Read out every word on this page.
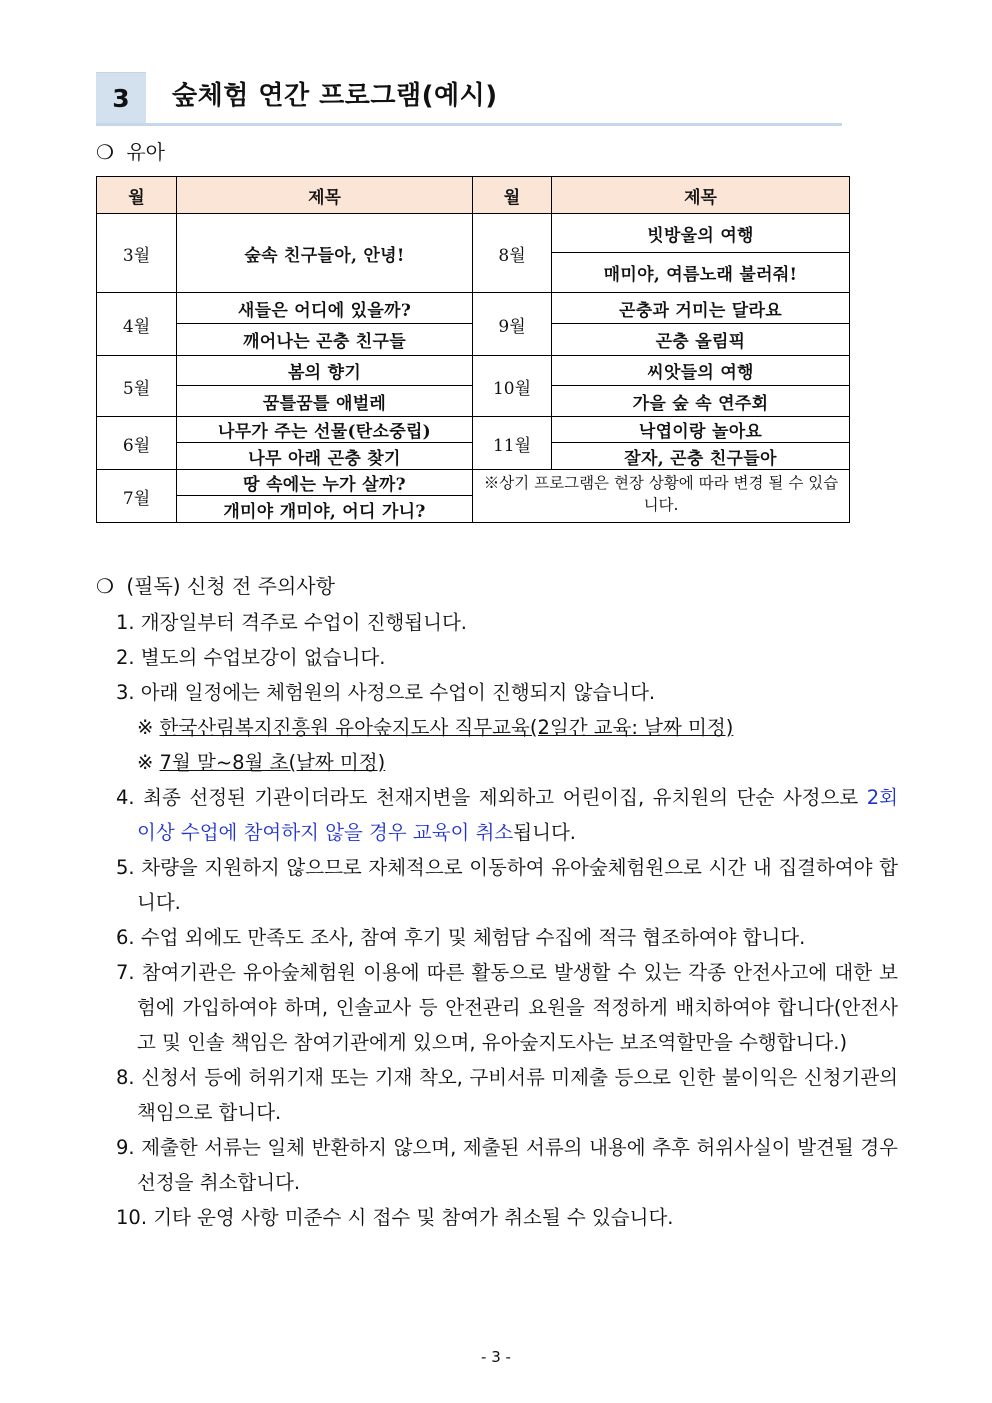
3	숲체험 연간 프로그램(예시)
❍ 유아
월	제목	월	제목
3월	숲속 친구들아, 안녕!	8월	빗방울의 여행
			매미야, 여름노래 불러줘!
4월	새들은 어디에 있을까?	9월	곤충과 거미는 달라요
	깨어나는 곤충 친구들		곤충 올림픽
5월	봄의 향기	10월	씨앗들의 여행
	꿈틀꿈틀 애벌레		가을 숲 속 연주회
6월	나무가 주는 선물(탄소중립)	11월	낙엽이랑 놀아요
	나무 아래 곤충 찾기		잘자, 곤충 친구들아
7월	땅 속에는 누가 살까?	※상기 프로그램은 현장 상황에 따라 변경 될 수 있습니다.	
	개미야 개미야, 어디 가니?		
❍ (필독) 신청 전 주의사항
1. 개장일부터 격주로 수업이 진행됩니다.
2. 별도의 수업보강이 없습니다.
3. 아래 일정에는 체험원의 사정으로 수업이 진행되지 않습니다.
※ 한국산림복지진흥원 유아숲지도사 직무교육(2일간 교육: 날짜 미정)
※ 7월 말~8월 초(날짜 미정)
4. 최종 선정된 기관이더라도 천재지변을 제외하고 어린이집, 유치원의 단순 사정으로 2회 이상 수업에 참여하지 않을 경우 교육이 취소됩니다.
5. 차량을 지원하지 않으므로 자체적으로 이동하여 유아숲체험원으로 시간 내 집결하여야 합니다.
6. 수업 외에도 만족도 조사, 참여 후기 및 체험담 수집에 적극 협조하여야 합니다.
7. 참여기관은 유아숲체험원 이용에 따른 활동으로 발생할 수 있는 각종 안전사고에 대한 보험에 가입하여야 하며, 인솔교사 등 안전관리 요원을 적정하게 배치하여야 합니다(안전사고 및 인솔 책임은 참여기관에게 있으며, 유아숲지도사는 보조역할만을 수행합니다.)
8. 신청서 등에 허위기재 또는 기재 착오, 구비서류 미제출 등으로 인한 불이익은 신청기관의 책임으로 합니다.
9. 제출한 서류는 일체 반환하지 않으며, 제출된 서류의 내용에 추후 허위사실이 발견될 경우 선정을 취소합니다.
10. 기타 운영 사항 미준수 시 접수 및 참여가 취소될 수 있습니다.
- 3 -
